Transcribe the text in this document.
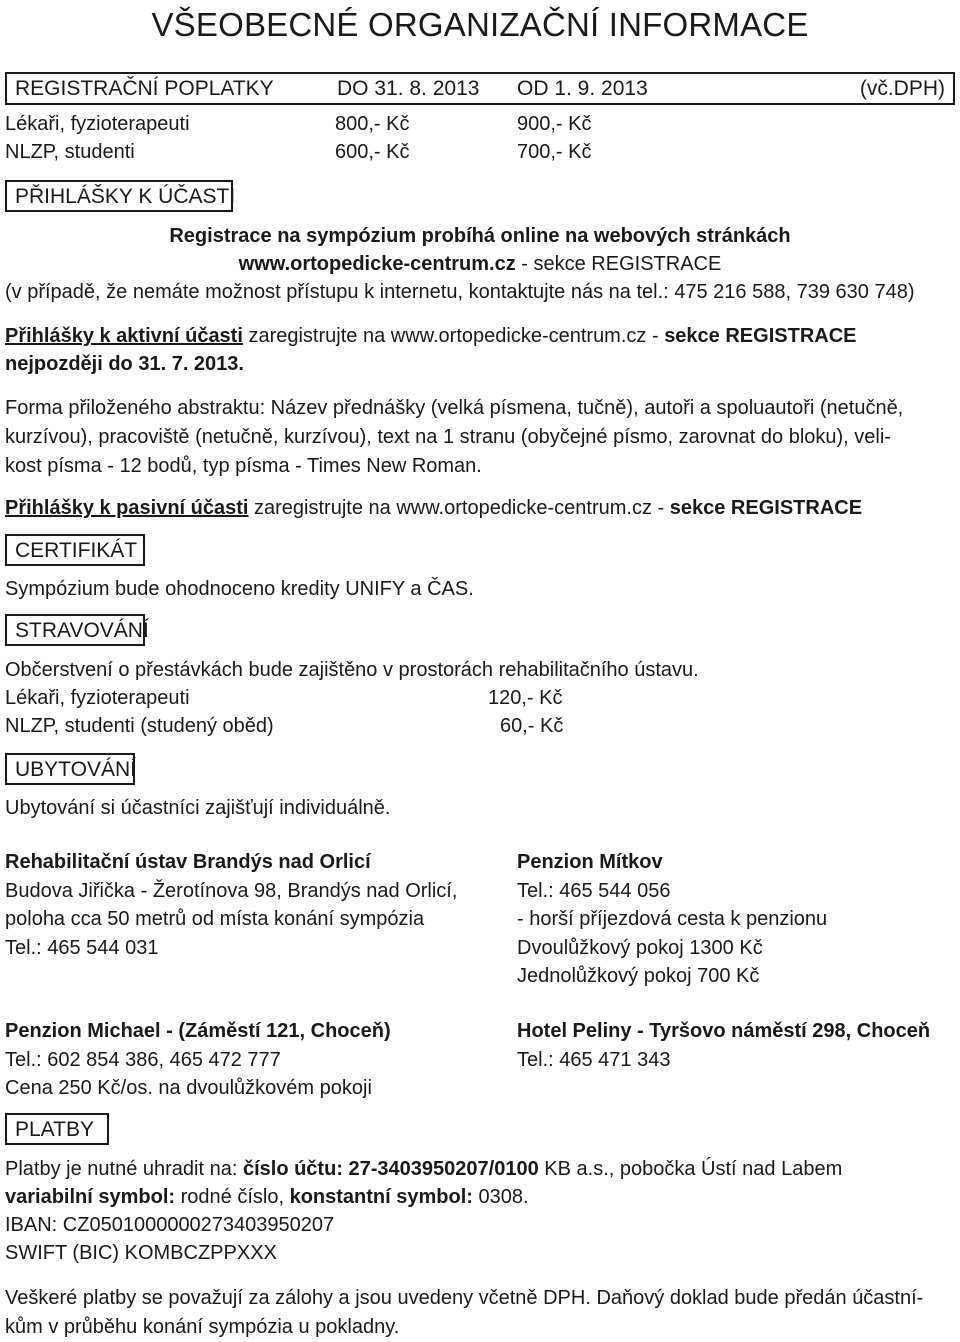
VŠEOBECNÉ ORGANIZAČNÍ INFORMACE
REGISTRAČNÍ POPLATKY	DO 31. 8. 2013 OD 1. 9. 2013	(vč.DPH)
Lékaři, fyzioterapeuti	800,- Kč	900,- Kč
NLZP, studenti	600,- Kč	700,- Kč
PŘIHLÁŠKY K ÚČASTI
Registrace na sympózium probíhá online na webových stránkách
www.ortopedicke-centrum.cz - sekce REGISTRACE
(v případě, že nemáte možnost přístupu k internetu, kontaktujte nás na tel.: 475 216 588, 739 630 748)
Přihlášky k aktivní účasti zaregistrujte na www.ortopedicke-centrum.cz - sekce REGISTRACE
nejpozději do 31. 7. 2013.
Forma přiloženého abstraktu: Název přednášky (velká písmena, tučně), autoři a spoluautoři (netučně,
kurzívou), pracoviště (netučně, kurzívou), text na 1 stranu (obyčejné písmo, zarovnat do bloku), veli-
kost písma - 12 bodů, typ písma - Times New Roman.
Přihlášky k pasivní účasti zaregistrujte na www.ortopedicke-centrum.cz - sekce REGISTRACE
CERTIFIKÁT
Sympózium bude ohodnoceno kredity UNIFY a ČAS.
STRAVOVÁNÍ
Občerstvení o přestávkách bude zajištěno v prostorách rehabilitačního ústavu.
Lékaři, fyzioterapeuti	120,- Kč
NLZP, studenti (studený oběd)	60,- Kč
UBYTOVÁNÍ
Ubytování si účastníci zajišťují individuálně.
Rehabilitační ústav Brandýs nad Orlicí
Budova Jiřička - Žerotínova 98, Brandýs nad Orlicí,
poloha cca 50 metrů od místa konání sympózia
Tel.: 465 544 031
Penzion Mítkov
Tel.: 465 544 056
- horší příjezdová cesta k penzionu
Dvoulůžkový pokoj 1300 Kč
Jednolůžkový pokoj 700 Kč
Penzion Michael - (Záměstí 121, Choceň)
Tel.: 602 854 386, 465 472 777
Cena 250 Kč/os. na dvoulůžkovém pokoji
Hotel Peliny - Tyršovo náměstí 298, Choceň
Tel.: 465 471 343
PLATBY
Platby je nutné uhradit na: číslo účtu: 27-3403950207/0100 KB a.s., pobočka Ústí nad Labem
variabilní symbol: rodné číslo, konstantní symbol: 0308.
IBAN: CZ0501000000273403950207
SWIFT (BIC) KOMBCZPPXXX
Veškeré platby se považují za zálohy a jsou uvedeny včetně DPH. Daňový doklad bude předán účastní-
kům v průběhu konání sympózia u pokladny.
